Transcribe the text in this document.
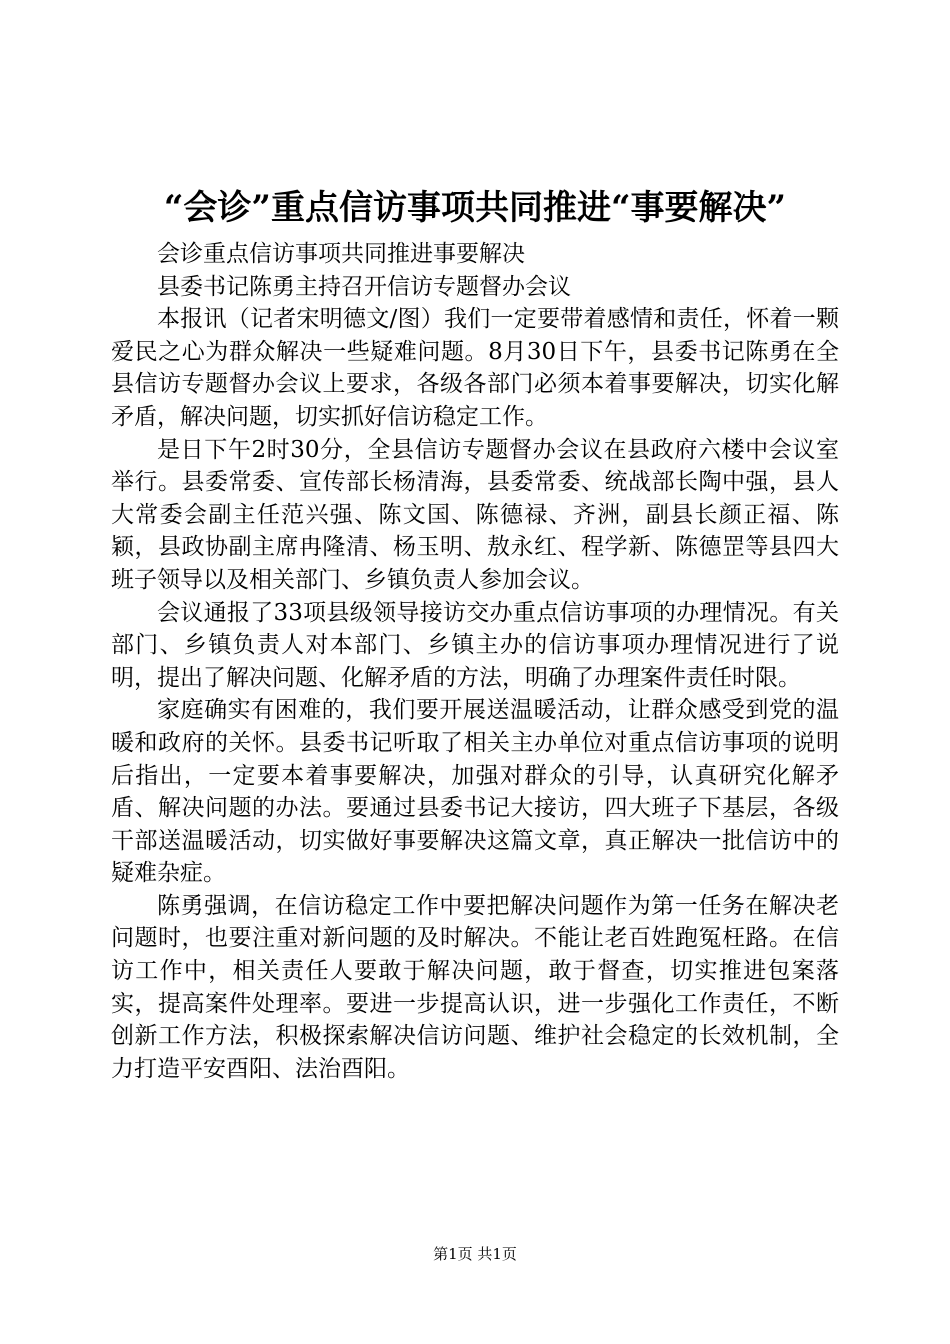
“会诊”重点信访事项共同推进“事要解决”

会诊重点信访事项共同推进事要解决

县委书记陈勇主持召开信访专题督办会议

本报讯（记者宋明德文/图）我们一定要带着感情和责任，怀着一颗爱民之心为群众解决一些疑难问题。8月30日下午，县委书记陈勇在全县信访专题督办会议上要求，各级各部门必须本着事要解决，切实化解矛盾，解决问题，切实抓好信访稳定工作。

是日下午2时30分，全县信访专题督办会议在县政府六楼中会议室举行。县委常委、宣传部长杨清海，县委常委、统战部长陶中强，县人大常委会副主任范兴强、陈文国、陈德禄、齐洲，副县长颜正福、陈颖，县政协副主席冉隆清、杨玉明、敖永红、程学新、陈德罡等县四大班子领导以及相关部门、乡镇负责人参加会议。

会议通报了33项县级领导接访交办重点信访事项的办理情况。有关部门、乡镇负责人对本部门、乡镇主办的信访事项办理情况进行了说明，提出了解决问题、化解矛盾的方法，明确了办理案件责任时限。

家庭确实有困难的，我们要开展送温暖活动，让群众感受到党的温暖和政府的关怀。县委书记听取了相关主办单位对重点信访事项的说明后指出，一定要本着事要解决，加强对群众的引导，认真研究化解矛盾、解决问题的办法。要通过县委书记大接访，四大班子下基层，各级干部送温暖活动，切实做好事要解决这篇文章，真正解决一批信访中的疑难杂症。

陈勇强调，在信访稳定工作中要把解决问题作为第一任务在解决老问题时，也要注重对新问题的及时解决。不能让老百姓跑冤枉路。在信访工作中，相关责任人要敢于解决问题，敢于督查，切实推进包案落实，提高案件处理率。要进一步提高认识，进一步强化工作责任，不断创新工作方法，积极探索解决信访问题、维护社会稳定的长效机制，全力打造平安酉阳、法治酉阳。

第1页 共1页
